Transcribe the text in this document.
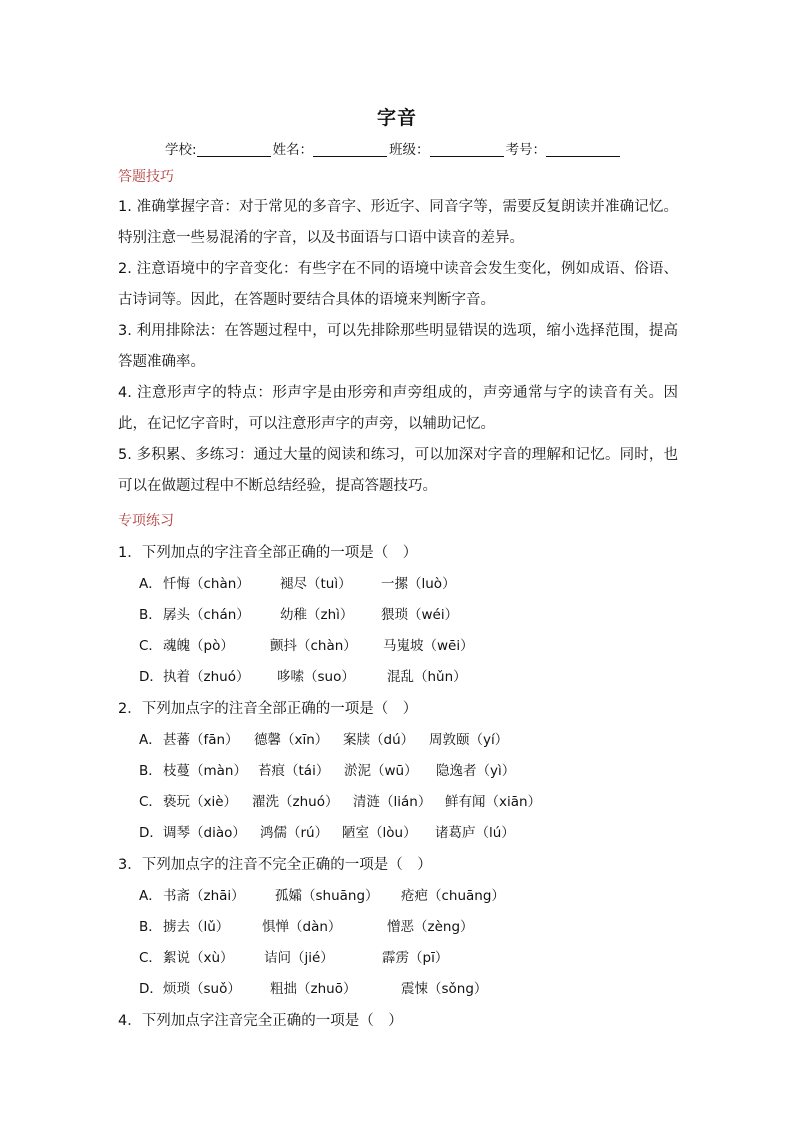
字音
学校:	姓名：	班级：	考号：
答题技巧
1. 准确掌握字音：对于常见的多音字、形近字、同音字等，需要反复朗读并准确记忆。特别注意一些易混淆的字音，以及书面语与口语中读音的差异。
2. 注意语境中的字音变化：有些字在不同的语境中读音会发生变化，例如成语、俗语、古诗词等。因此，在答题时要结合具体的语境来判断字音。
3. 利用排除法：在答题过程中，可以先排除那些明显错误的选项，缩小选择范围，提高答题准确率。
4. 注意形声字的特点：形声字是由形旁和声旁组成的，声旁通常与字的读音有关。因此，在记忆字音时，可以注意形声字的声旁，以辅助记忆。
5. 多积累、多练习：通过大量的阅读和练习，可以加深对字音的理解和记忆。同时，也可以在做题过程中不断总结经验，提高答题技巧。
专项练习
1．下列加点的字注音全部正确的一项是（　）
A． 忏悔（chàn） 褪尽（tuì） 一摞（luò）
B． 孱头（chán） 幼稚（zhì） 猥琐（wéi）
C． 魂魄（pò）	颤抖（chàn） 马嵬坡（wēi）
D． 执着（zhuó） 哆嗦（suo） 混乱（hǔn）
2．下列加点字的注音全部正确的一项是（　）
A． 甚蕃（fān） 德馨（xīn） 案牍（dú） 周敦颐（yí）
B． 枝蔓（màn） 苔痕（tái） 淤泥（wū） 隐逸者（yì）
C． 亵玩（xiè） 濯洗（zhuó） 清涟（lián） 鲜有闻（xiān）
D． 调琴（diào） 鸿儒（rú） 陋室（lòu） 诸葛庐（lú）
3．下列加点字的注音不完全正确的一项是（　）
A． 书斋（zhāi） 孤孀（shuāng） 疮疤（chuāng）
B． 掳去（lǔ） 惧惮（dàn）	憎恶（zèng）
C． 絮说（xù） 诘问（jié）	霹雳（pī）
D． 烦琐（suǒ） 粗拙（zhuō）	震悚（sǒng）
4．下列加点字注音完全正确的一项是（　）
